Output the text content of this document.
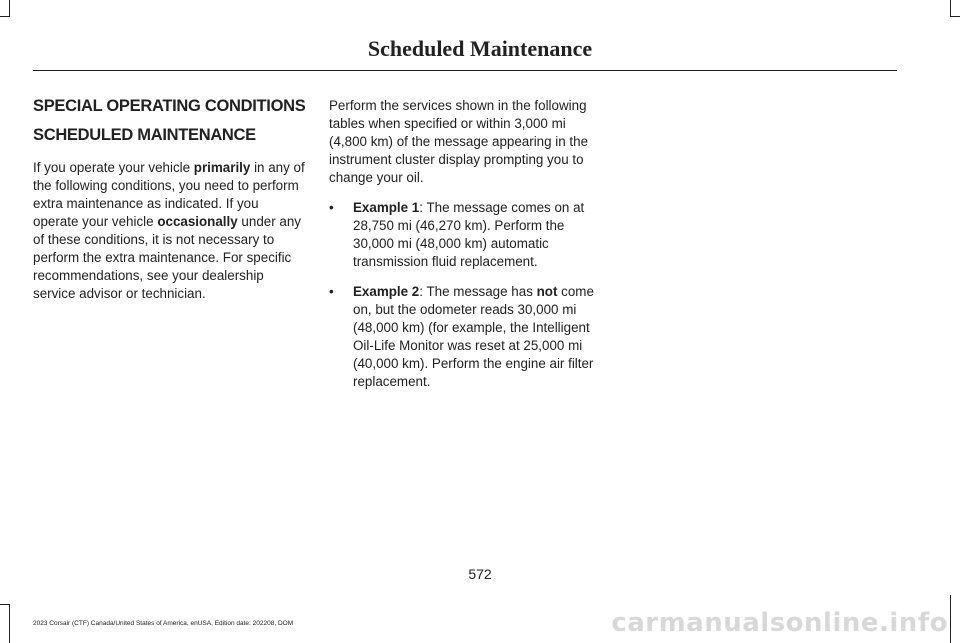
Scheduled Maintenance
SPECIAL OPERATING CONDITIONS
SCHEDULED MAINTENANCE

If you operate your vehicle primarily in any of the following conditions, you need to perform extra maintenance as indicated. If you operate your vehicle occasionally under any of these conditions, it is not necessary to perform the extra maintenance. For specific recommendations, see your dealership service advisor or technician.

Perform the services shown in the following tables when specified or within 3,000 mi (4,800 km) of the message appearing in the instrument cluster display prompting you to change your oil.

• Example 1: The message comes on at 28,750 mi (46,270 km). Perform the 30,000 mi (48,000 km) automatic transmission fluid replacement.
• Example 2: The message has not come on, but the odometer reads 30,000 mi (48,000 km) (for example, the Intelligent Oil-Life Monitor was reset at 25,000 mi (40,000 km). Perform the engine air filter replacement.
572
2023 Corsair (CTF) Canada/United States of America, enUSA, Edition date: 202208, DOM	carmanualsonline.info
